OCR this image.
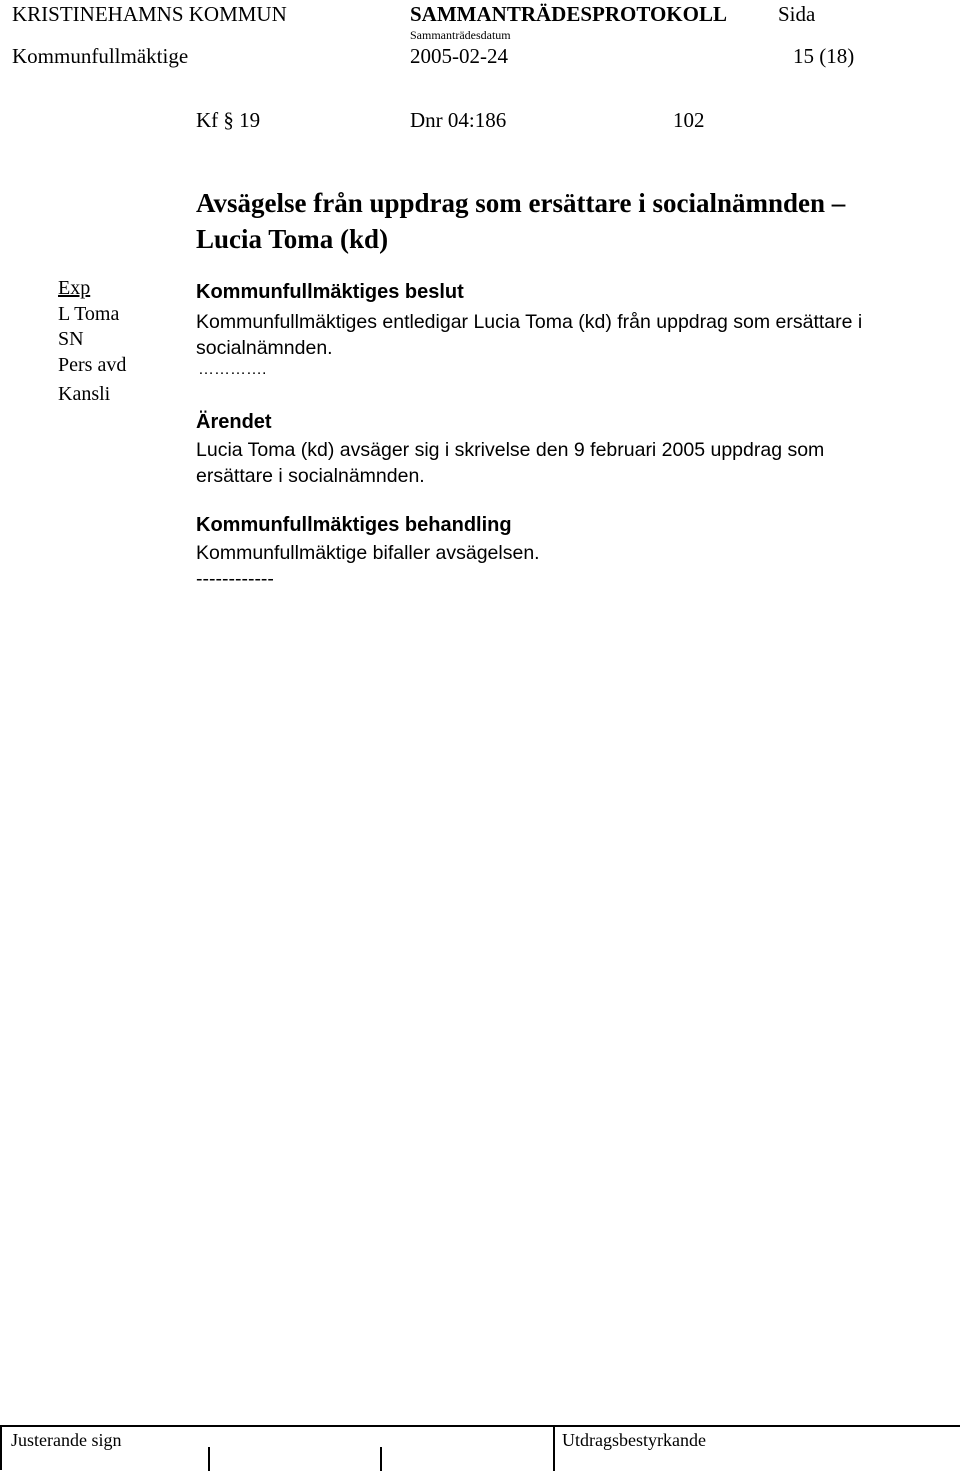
KRISTINEHAMNS KOMMUN	SAMMANTRÄDESPROTOKOLL Sida
Sammanträdesdatum
Kommunfullmäktige	2005-02-24	15 (18)
Kf § 19	Dnr 04:186	102
Avsägelse från uppdrag som ersättare i socialnämnden –
Lucia Toma (kd)
Exp
L Toma
SN
Pers avd
Kansli
Kommunfullmäktiges beslut
Kommunfullmäktiges entledigar Lucia Toma (kd) från uppdrag som ersättare i
socialnämnden.
………….
Ärendet
Lucia Toma (kd) avsäger sig i skrivelse den 9 februari 2005 uppdrag som
ersättare i socialnämnden.
Kommunfullmäktiges behandling
Kommunfullmäktige bifaller avsägelsen.
------------
Justerande sign	Utdragsbestyrkande
